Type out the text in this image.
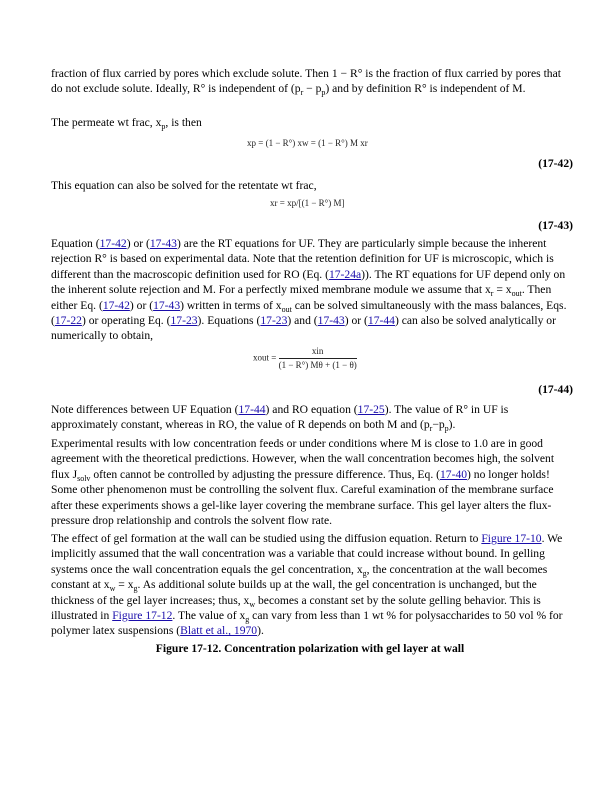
fraction of flux carried by pores which exclude solute. Then 1 − R° is the fraction of flux carried by pores that do not exclude solute. Ideally, R° is independent of $(p_r - p_p)$ and by definition R° is independent of M.

The permeate wt frac, $x_p$, is then

xp = (1 − R°) xw = (1 − R°) M xr
(17-42)

This equation can also be solved for the retentate wt frac,

xr = xp/[(1 − R°) M]
(17-43)

Equation (17-42) or (17-43) are the RT equations for UF. They are particularly simple because the inherent rejection R° is based on experimental data. Note that the retention definition for UF is microscopic, which is different than the macroscopic definition used for RO (Eq. (17-24a)). The RT equations for UF depend only on the inherent solute rejection and M. For a perfectly mixed membrane module we assume that $x_r = x_{out}$. Then either Eq. (17-42) or (17-43) written in terms of $x_{out}$ can be solved simultaneously with the mass balances, Eqs. (17-22) or operating Eq. (17-23). Equations (17-23) and (17-43) or (17-44) can also be solved analytically or numerically to obtain,

xout = $\frac{\text{xin}}{(1 - R^\circ) M\theta + (1 - \theta)}$
(17-44)

Note differences between UF Equation (17-44) and RO equation (17-25). The value of R° in UF is approximately constant, whereas in RO, the value of R depends on both M and $(p_r-p_p)$.

Experimental results with low concentration feeds or under conditions where M is close to 1.0 are in good agreement with the theoretical predictions. However, when the wall concentration becomes high, the solvent flux $J_{solv}$ often cannot be controlled by adjusting the pressure difference. Thus, Eq. (17-40) no longer holds! Some other phenomenon must be controlling the solvent flux. Careful examination of the membrane surface after these experiments shows a gel-like layer covering the membrane surface. This gel layer alters the flux-pressure drop relationship and controls the solvent flow rate.

The effect of gel formation at the wall can be studied using the diffusion equation. Return to Figure 17-10. We implicitly assumed that the wall concentration was a variable that could increase without bound. In gelling systems once the wall concentration equals the gel concentration, $x_g$, the concentration at the wall becomes constant at $x_w = x_g$. As additional solute builds up at the wall, the gel concentration is unchanged, but the thickness of the gel layer increases; thus, $x_w$ becomes a constant set by the solute gelling behavior. This is illustrated in Figure 17-12. The value of $x_g$ can vary from less than 1 wt % for polysaccharides to 50 vol % for polymer latex suspensions (Blatt et al., 1970).

Figure 17-12. Concentration polarization with gel layer at wall
